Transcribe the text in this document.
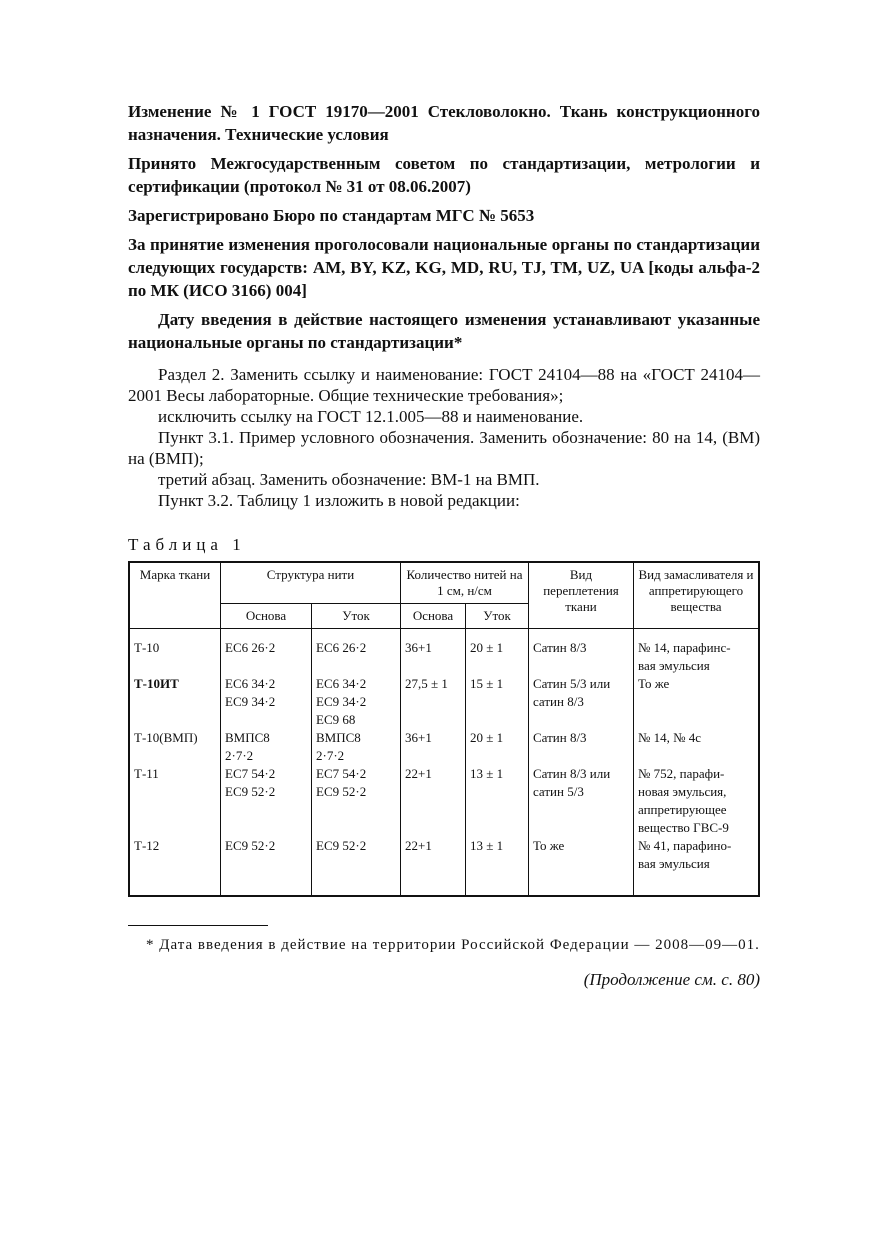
Изменение № 1 ГОСТ 19170—2001 Стекловолокно. Ткань конструкционного назначения. Технические условия

Принято Межгосударственным советом по стандартизации, метрологии и сертификации (протокол № 31 от 08.06.2007)

Зарегистрировано Бюро по стандартам МГС № 5653

За принятие изменения проголосовали национальные органы по стандартизации следующих государств: AM, BY, KZ, KG, MD, RU, TJ, TM, UZ, UA [коды альфа-2 по МК (ИСО 3166) 004]

Дату введения в действие настоящего изменения устанавливают указанные национальные органы по стандартизации*

Раздел 2. Заменить ссылку и наименование: ГОСТ 24104—88 на «ГОСТ 24104—2001 Весы лабораторные. Общие технические требования»;
исключить ссылку на ГОСТ 12.1.005—88 и наименование.
Пункт 3.1. Пример условного обозначения. Заменить обозначение: 80 на 14, (ВМ) на (ВМП);
третий абзац. Заменить обозначение: ВМ-1 на ВМП.
Пункт 3.2. Таблицу 1 изложить в новой редакции:
Таблица 1
Марка ткани	Структура нити		Количество нитей на 1 см, н/см		Вид переплетения ткани	Вид замасливателя и аппретирующего вещества
	Основа	Уток	Основа	Уток		

Т-10	ЕС6 26·2	ЕС6 26·2	36+1	20 ± 1	Сатин 8/3	№ 14, парафинс-
вая эмульсия

Т-10ИТ	ЕС6 34·2
ЕС9 34·2	ЕС6 34·2
ЕС9 34·2
ЕС9 68	27,5 ± 1	15 ± 1	Сатин 5/3 или
сатин 8/3	То же

Т-10(ВМП)	ВМПС8
2·7·2	ВМПС8
2·7·2	36+1	20 ± 1	Сатин 8/3	№ 14, № 4с

Т-11	ЕС7 54·2
ЕС9 52·2	ЕС7 54·2
ЕС9 52·2	22+1	13 ± 1	Сатин 8/3 или
сатин 5/3	№ 752, парафи-
новая эмульсия,
аппретирующее
вещество ГВС-9

Т-12	ЕС9 52·2	ЕС9 52·2	22+1	13 ± 1	То же	№ 41, парафино-
вая эмульсия

* Дата введения в действие на территории Российской Федерации — 2008—09—01.

(Продолжение см. с. 80)
